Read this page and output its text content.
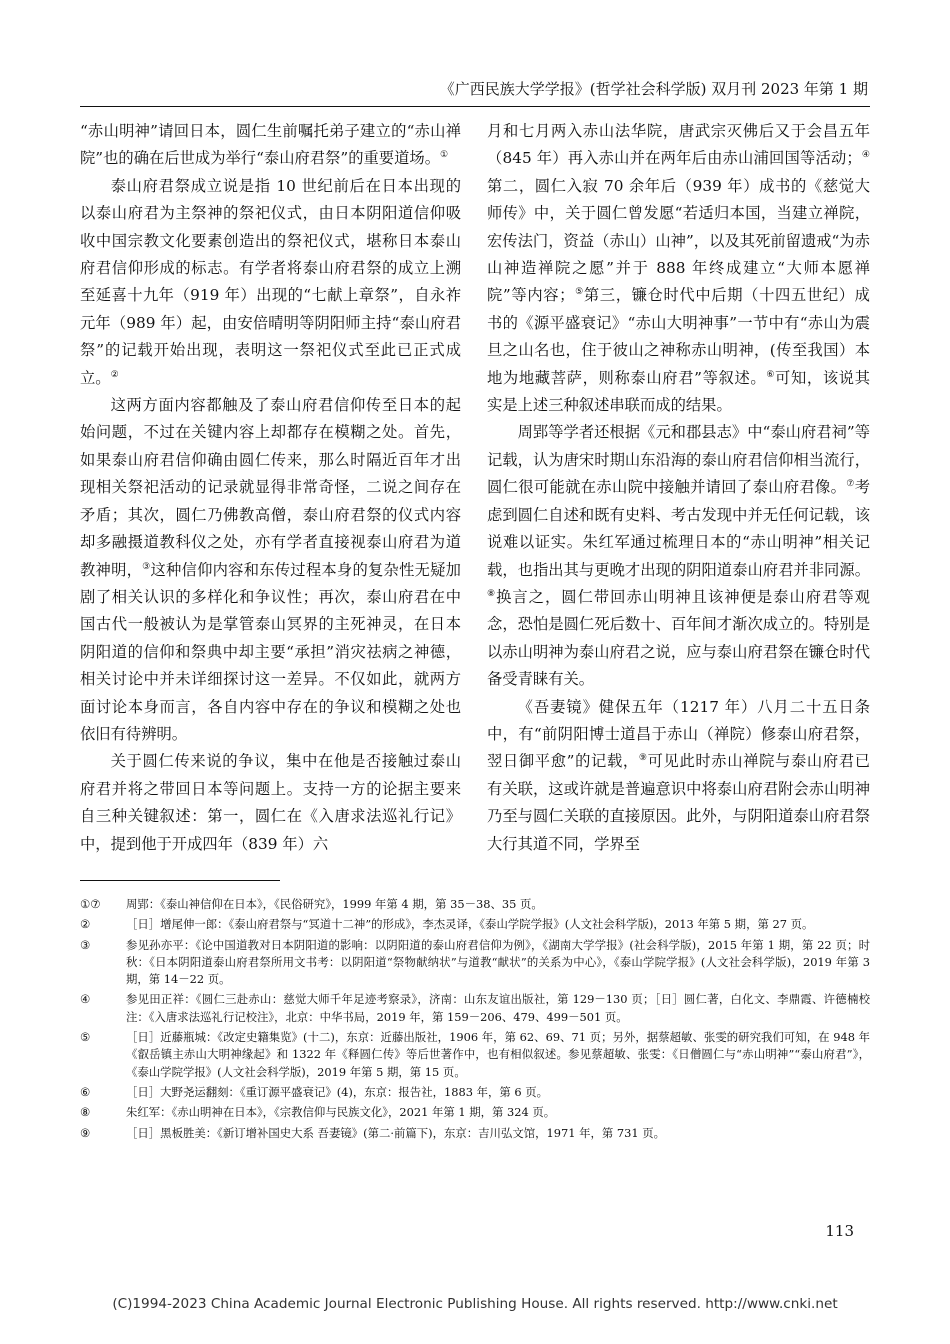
《广西民族大学学报》(哲学社会科学版) 双月刊 2023 年第 1 期

“赤山明神”请回日本，圆仁生前嘱托弟子建立的“赤山禅院”也的确在后世成为举行“泰山府君祭”的重要道场。①

泰山府君祭成立说是指 10 世纪前后在日本出现的以泰山府君为主祭神的祭祀仪式，由日本阴阳道信仰吸收中国宗教文化要素创造出的祭祀仪式，堪称日本泰山府君信仰形成的标志。有学者将泰山府君祭的成立上溯至延喜十九年（919 年）出现的“七献上章祭”，自永祚元年（989 年）起，由安倍晴明等阴阳师主持“泰山府君祭”的记载开始出现，表明这一祭祀仪式至此已正式成立。②

这两方面内容都触及了泰山府君信仰传至日本的起始问题，不过在关键内容上却都存在模糊之处。首先，如果泰山府君信仰确由圆仁传来，那么时隔近百年才出现相关祭祀活动的记录就显得非常奇怪，二说之间存在矛盾；其次，圆仁乃佛教高僧，泰山府君祭的仪式内容却多融摄道教科仪之处，亦有学者直接视泰山府君为道教神明，③这种信仰内容和东传过程本身的复杂性无疑加剧了相关认识的多样化和争议性；再次，泰山府君在中国古代一般被认为是掌管泰山冥界的主死神灵，在日本阴阳道的信仰和祭典中却主要“承担”消灾祛病之神德，相关讨论中并未详细探讨这一差异。不仅如此，就两方面讨论本身而言，各自内容中存在的争议和模糊之处也依旧有待辨明。

关于圆仁传来说的争议，集中在他是否接触过泰山府君并将之带回日本等问题上。支持一方的论据主要来自三种关键叙述：第一，圆仁在《入唐求法巡礼行记》中，提到他于开成四年（839 年）六

月和七月两入赤山法华院，唐武宗灭佛后又于会昌五年（845 年）再入赤山并在两年后由赤山浦回国等活动；④第二，圆仁入寂 70 余年后（939 年）成书的《慈觉大师传》中，关于圆仁曾发愿“若适归本国，当建立禅院，宏传法门，资益（赤山）山神”，以及其死前留遗戒“为赤山神造禅院之愿”并于 888 年终成建立“大师本愿禅院”等内容；⑤第三，镰仓时代中后期（十四五世纪）成书的《源平盛衰记》“赤山大明神事”一节中有“赤山为震旦之山名也，住于彼山之神称赤山明神，(传至我国）本地为地藏菩萨，则称泰山府君”等叙述。⑥可知，该说其实是上述三种叙述串联而成的结果。

周郢等学者还根据《元和郡县志》中“泰山府君祠”等记载，认为唐宋时期山东沿海的泰山府君信仰相当流行，圆仁很可能就在赤山院中接触并请回了泰山府君像。⑦考虑到圆仁自述和既有史料、考古发现中并无任何记载，该说难以证实。朱红军通过梳理日本的“赤山明神”相关记载，也指出其与更晚才出现的阴阳道泰山府君并非同源。⑧换言之，圆仁带回赤山明神且该神便是泰山府君等观念，恐怕是圆仁死后数十、百年间才渐次成立的。特别是以赤山明神为泰山府君之说，应与泰山府君祭在镰仓时代备受青睐有关。

《吾妻镜》健保五年（1217 年）八月二十五日条中，有“前阴阳博士道昌于赤山（禅院）修泰山府君祭，翌日御平愈”的记载，⑨可见此时赤山禅院与泰山府君已有关联，这或许就是普遍意识中将泰山府君附会赤山明神乃至与圆仁关联的直接原因。此外，与阴阳道泰山府君祭大行其道不同，学界至

①⑦	周郢：《泰山神信仰在日本》，《民俗研究》，1999 年第 4 期，第 35－38、35 页。
②	［日］增尾伸一郎：《泰山府君祭与“冥道十二神”的形成》，李杰灵译，《泰山学院学报》(人文社会科学版)，2013 年第 5 期，第 27 页。
③	参见孙亦平：《论中国道教对日本阴阳道的影响：以阴阳道的泰山府君信仰为例》，《湖南大学学报》(社会科学版)，2015 年第 1 期，第 22 页；时秋：《日本阴阳道泰山府君祭所用文书考：以阴阳道“祭物献纳状”与道教“献状”的关系为中心》，《泰山学院学报》(人文社会科学版)，2019 年第 3 期，第 14－22 页。
④	参见田正祥：《圆仁三赴赤山：慈觉大师千年足迹考察录》，济南：山东友谊出版社，第 129－130 页；［日］圆仁著，白化文、李鼎霞、许德楠校注：《入唐求法巡礼行记校注》，北京：中华书局，2019 年，第 159－206、479、499－501 页。
⑤	［日］近藤瓶城：《改定史籍集览》(十二)，东京：近藤出版社，1906 年，第 62、69、71 页；另外，据蔡超敏、张雯的研究我们可知，在 948 年《叡岳镇主赤山大明神缘起》和 1322 年《释圆仁传》等后世著作中，也有相似叙述。参见蔡超敏、张雯：《日僧圆仁与“赤山明神”“泰山府君”》，《泰山学院学报》(人文社会科学版)，2019 年第 5 期，第 15 页。
⑥	［日］大野尧运翻刻：《重订源平盛衰记》(4)，东京：报告社，1883 年，第 6 页。
⑧	朱红军：《赤山明神在日本》，《宗教信仰与民族文化》，2021 年第 1 期，第 324 页。
⑨	［日］黑板胜美：《新订增补国史大系 吾妻镜》(第二·前篇下)，东京：吉川弘文馆，1971 年，第 731 页。
113
(C)1994-2023 China Academic Journal Electronic Publishing House. All rights reserved. http://www.cnki.net
